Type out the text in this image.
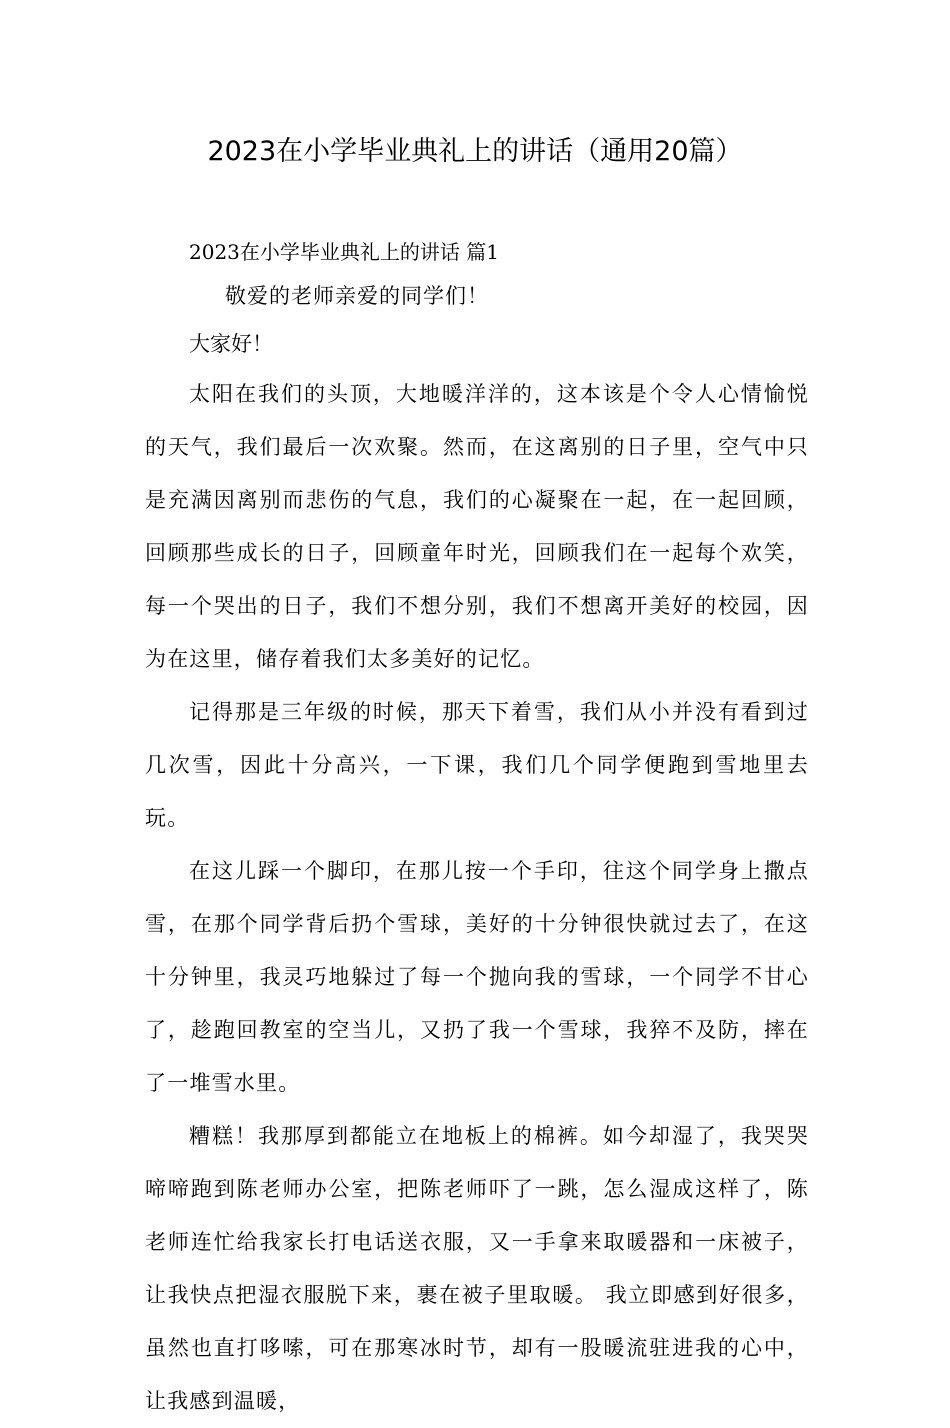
2023在小学毕业典礼上的讲话（通用20篇）
2023在小学毕业典礼上的讲话 篇1

敬爱的老师亲爱的同学们！

大家好！

太阳在我们的头顶，大地暖洋洋的，这本该是个令人心情愉悦的天气，我们最后一次欢聚。然而，在这离别的日子里，空气中只是充满因离别而悲伤的气息，我们的心凝聚在一起，在一起回顾，回顾那些成长的日子，回顾童年时光，回顾我们在一起每个欢笑，每一个哭出的日子，我们不想分别，我们不想离开美好的校园，因为在这里，储存着我们太多美好的记忆。

记得那是三年级的时候，那天下着雪，我们从小并没有看到过几次雪，因此十分高兴，一下课，我们几个同学便跑到雪地里去玩。

在这儿踩一个脚印，在那儿按一个手印，往这个同学身上撒点雪，在那个同学背后扔个雪球，美好的十分钟很快就过去了，在这十分钟里，我灵巧地躲过了每一个抛向我的雪球，一个同学不甘心了，趁跑回教室的空当儿，又扔了我一个雪球，我猝不及防，摔在了一堆雪水里。

糟糕！我那厚到都能立在地板上的棉裤。如今却湿了，我哭哭啼啼跑到陈老师办公室，把陈老师吓了一跳，怎么湿成这样了，陈老师连忙给我家长打电话送衣服，又一手拿来取暖器和一床被子，让我快点把湿衣服脱下来，裹在被子里取暖。 我立即感到好很多，虽然也直打哆嗦，可在那寒冰时节，却有一股暖流驻进我的心中，让我感到温暖，
